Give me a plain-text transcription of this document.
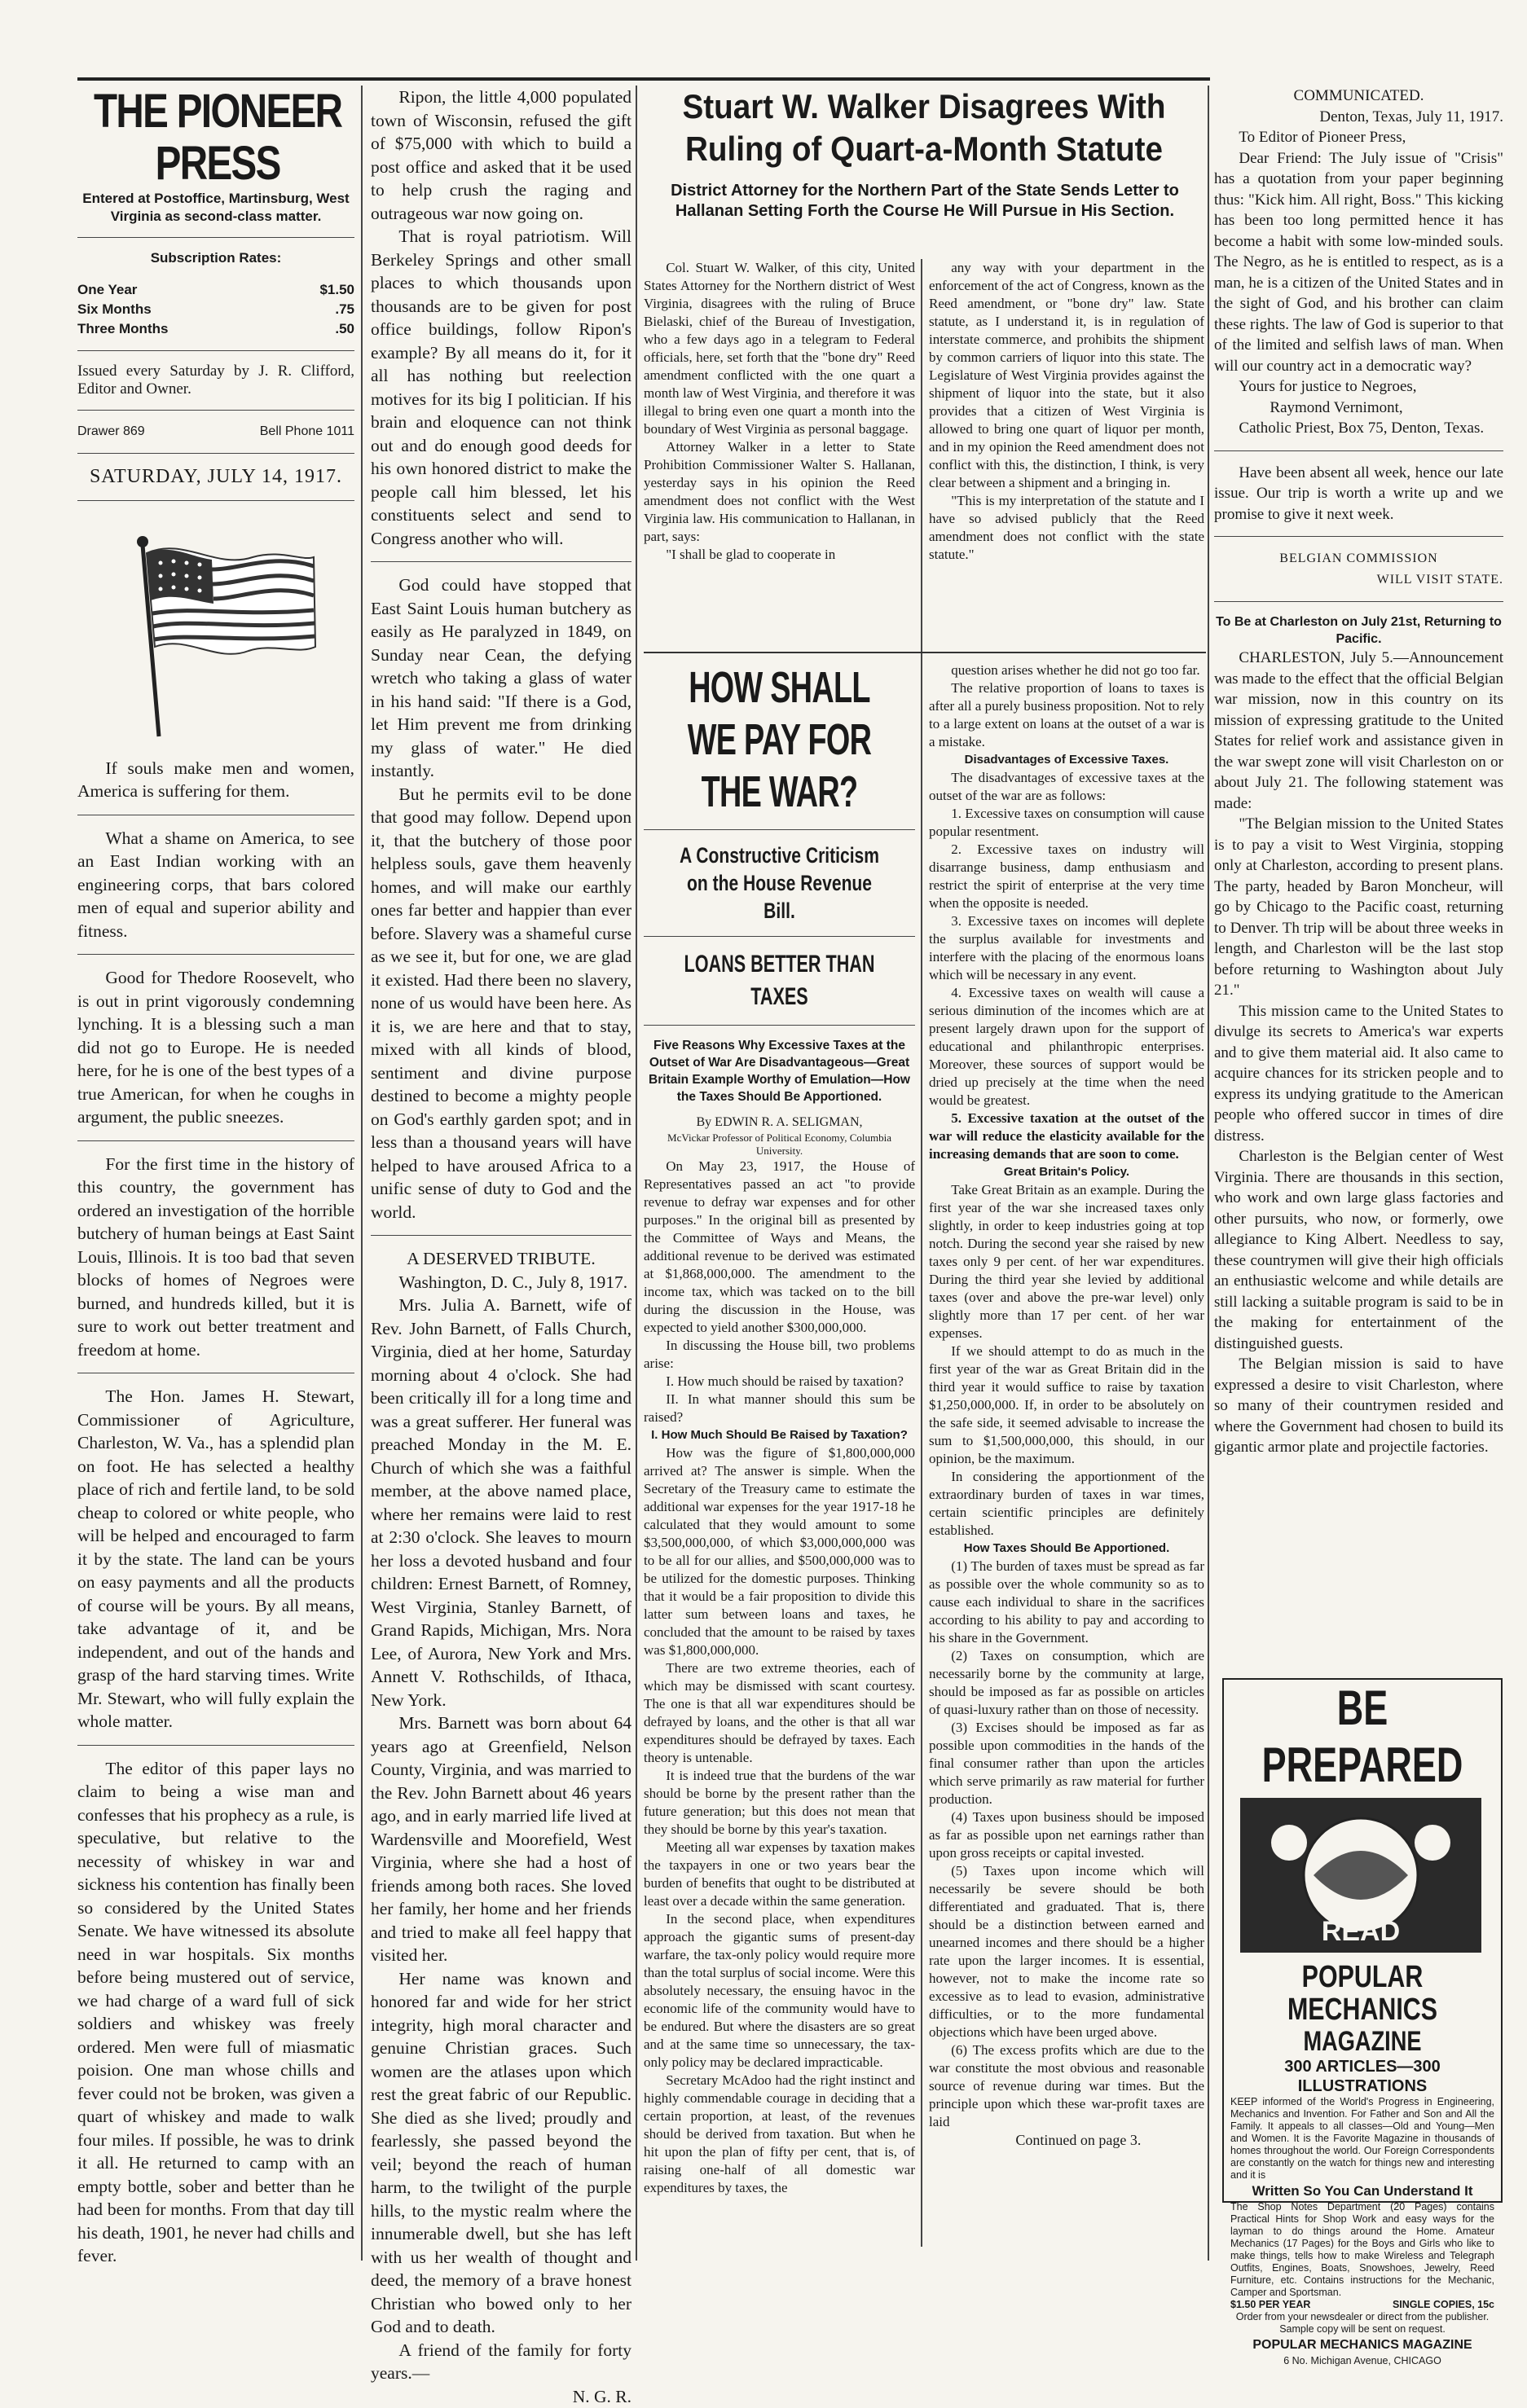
THE PIONEER PRESS
Entered at Postoffice, Martinsburg, West Virginia as second-class matter.
Subscription Rates:
One Year	$1.50
Six Months	.75
Three Months	.50
Issued every Saturday by J. R. Clifford, Editor and Owner.
Drawer 869	Bell Phone 1011

SATURDAY, JULY 14, 1917.

If souls make men and women, America is suffering for them.

What a shame on America, to see an East Indian working with an engineering corps, that bars colored men of equal and superior ability and fitness.

Good for Thedore Roosevelt, who is out in print vigorously condemning lynching. It is a blessing such a man did not go to Europe. He is needed here, for he is one of the best types of a true American, for when he coughs in argument, the public sneezes.

For the first time in the history of this country, the government has ordered an investigation of the horrible butchery of human beings at East Saint Louis, Illinois. It is too bad that seven blocks of homes of Negroes were burned, and hundreds killed, but it is sure to work out better treatment and freedom at home.

The Hon. James H. Stewart, Commissioner of Agriculture, Charleston, W. Va., has a splendid plan on foot. He has selected a healthy place of rich and fertile land, to be sold cheap to colored or white people, who will be helped and encouraged to farm it by the state. The land can be yours on easy payments and all the products of course will be yours. By all means, take advantage of it, and be independent, and out of the hands and grasp of the hard starving times. Write Mr. Stewart, who will fully explain the whole matter.

The editor of this paper lays no claim to being a wise man and confesses that his prophecy as a rule, is speculative, but relative to the necessity of whiskey in war and sickness his contention has finally been so considered by the United States Senate. We have witnessed its absolute need in war hospitals. Six months before being mustered out of service, we had charge of a ward full of sick soldiers and whiskey was freely ordered. Men were full of miasmatic poision. One man whose chills and fever could not be broken, was given a quart of whiskey and made to walk four miles. If possible, he was to drink it all. He returned to camp with an empty bottle, sober and better than he had been for months. From that day till his death, 1901, he never had chills and fever.

Ripon, the little 4,000 populated town of Wisconsin, refused the gift of $75,000 with which to build a post office and asked that it be used to help crush the raging and outrageous war now going on.

That is royal patriotism. Will Berkeley Springs and other small places to which thousands upon thousands are to be given for post office buildings, follow Ripon's example? By all means do it, for it all has nothing but reelection motives for its big I politician. If his brain and eloquence can not think out and do enough good deeds for his own honored district to make the people call him blessed, let his constituents select and send to Congress another who will.

God could have stopped that East Saint Louis human butchery as easily as He paralyzed in 1849, on Sunday near Cean, the defying wretch who taking a glass of water in his hand said: "If there is a God, let Him prevent me from drinking my glass of water." He died instantly.

But he permits evil to be done that good may follow. Depend upon it, that the butchery of those poor helpless souls, gave them heavenly homes, and will make our earthly ones far better and happier than ever before. Slavery was a shameful curse as we see it, but for one, we are glad it existed. Had there been no slavery, none of us would have been here. As it is, we are here and that to stay, mixed with all kinds of blood, sentiment and divine purpose destined to become a mighty people on God's earthly garden spot; and in less than a thousand years will have helped to have aroused Africa to a unific sense of duty to God and the world.

A DESERVED TRIBUTE.

Washington, D. C., July 8, 1917.

Mrs. Julia A. Barnett, wife of Rev. John Barnett, of Falls Church, Virginia, died at her home, Saturday morning about 4 o'clock. She had been critically ill for a long time and was a great sufferer. Her funeral was preached Monday in the M. E. Church of which she was a faithful member, at the above named place, where her remains were laid to rest at 2:30 o'clock. She leaves to mourn her loss a devoted husband and four children: Ernest Barnett, of Romney, West Virginia, Stanley Barnett, of Grand Rapids, Michigan, Mrs. Nora Lee, of Aurora, New York and Mrs. Annett V. Rothschilds, of Ithaca, New York.

Mrs. Barnett was born about 64 years ago at Greenfield, Nelson County, Virginia, and was married to the Rev. John Barnett about 46 years ago, and in early married life lived at Wardensville and Moorefield, West Virginia, where she had a host of friends among both races. She loved her family, her home and her friends and tried to make all feel happy that visited her.

Her name was known and honored far and wide for her strict integrity, high moral character and genuine Christian graces. Such women are the atlases upon which rest the great fabric of our Republic. She died as she lived; proudly and fearlessly, she passed beyond the veil; beyond the reach of human harm, to the twilight of the purple hills, to the mystic realm where the innumerable dwell, but she has left with us her wealth of thought and deed, the memory of a brave honest Christian who bowed only to her God and to death.

A friend of the family for forty years.—

N. G. R.

Stuart W. Walker Disagrees With Ruling of Quart-a-Month Statute
District Attorney for the Northern Part of the State Sends Letter to Hallanan Setting Forth the Course He Will Pursue in His Section.

Col. Stuart W. Walker, of this city, United States Attorney for the Northern district of West Virginia, disagrees with the ruling of Bruce Bielaski, chief of the Bureau of Investigation, who a few days ago in a telegram to Federal officials, here, set forth that the "bone dry" Reed amendment conflicted with the one quart a month law of West Virginia, and therefore it was illegal to bring even one quart a month into the boundary of West Virginia as personal baggage.

Attorney Walker in a letter to State Prohibition Commissioner Walter S. Hallanan, yesterday says in his opinion the Reed amendment does not conflict with the West Virginia law. His communication to Hallanan, in part, says:

"I shall be glad to cooperate in

any way with your department in the enforcement of the act of Congress, known as the Reed amendment, or "bone dry" law. State statute, as I understand it, is in regulation of interstate commerce, and prohibits the shipment by common carriers of liquor into this state. The Legislature of West Virginia provides against the shipment of liquor into the state, but it also provides that a citizen of West Virginia is allowed to bring one quart of liquor per month, and in my opinion the Reed amendment does not conflict with this, the distinction, I think, is very clear between a shipment and a bringing in.

"This is my interpretation of the statute and I have so advised publicly that the Reed amendment does not conflict with the state statute."

HOW SHALL WE PAY FOR THE WAR?
A Constructive Criticism on the House Revenue Bill.
LOANS BETTER THAN TAXES
Five Reasons Why Excessive Taxes at the Outset of War Are Disadvantageous—Great Britain Example Worthy of Emulation—How the Taxes Should Be Apportioned.
By EDWIN R. A. SELIGMAN,
McVickar Professor of Political Economy, Columbia University.

On May 23, 1917, the House of Representatives passed an act "to provide revenue to defray war expenses and for other purposes." In the original bill as presented by the Committee of Ways and Means, the additional revenue to be derived was estimated at $1,868,000,000. The amendment to the income tax, which was tacked on to the bill during the discussion in the House, was expected to yield another $300,000,000.

In discussing the House bill, two problems arise:

I. How much should be raised by taxation?

II. In what manner should this sum be raised?

I. How Much Should Be Raised by Taxation?

How was the figure of $1,800,000,000 arrived at? The answer is simple. When the Secretary of the Treasury came to estimate the additional war expenses for the year 1917-18 he calculated that they would amount to some $3,500,000,000, of which $3,000,000,000 was to be all for our allies, and $500,000,000 was to be utilized for the domestic purposes. Thinking that it would be a fair proposition to divide this latter sum between loans and taxes, he concluded that the amount to be raised by taxes was $1,800,000,000.

There are two extreme theories, each of which may be dismissed with scant courtesy. The one is that all war expenditures should be defrayed by loans, and the other is that all war expenditures should be defrayed by taxes. Each theory is untenable.

It is indeed true that the burdens of the war should be borne by the present rather than the future generation; but this does not mean that they should be borne by this year's taxation.

Meeting all war expenses by taxation makes the taxpayers in one or two years bear the burden of benefits that ought to be distributed at least over a decade within the same generation.

In the second place, when expenditures approach the gigantic sums of present-day warfare, the tax-only policy would require more than the total surplus of social income. Were this absolutely necessary, the ensuing havoc in the economic life of the community would have to be endured. But where the disasters are so great and at the same time so unnecessary, the tax-only policy may be declared impracticable.

Secretary McAdoo had the right instinct and highly commendable courage in deciding that a certain proportion, at least, of the revenues should be derived from taxation. But when he hit upon the plan of fifty per cent, that is, of raising one-half of all domestic war expenditures by taxes, the

question arises whether he did not go too far.

The relative proportion of loans to taxes is after all a purely business proposition. Not to rely to a large extent on loans at the outset of a war is a mistake.

Disadvantages of Excessive Taxes.

The disadvantages of excessive taxes at the outset of the war are as follows:

1. Excessive taxes on consumption will cause popular resentment.

2. Excessive taxes on industry will disarrange business, damp enthusiasm and restrict the spirit of enterprise at the very time when the opposite is needed.

3. Excessive taxes on incomes will deplete the surplus available for investments and interfere with the placing of the enormous loans which will be necessary in any event.

4. Excessive taxes on wealth will cause a serious diminution of the incomes which are at present largely drawn upon for the support of educational and philanthropic enterprises. Moreover, these sources of support would be dried up precisely at the time when the need would be greatest.

5. Excessive taxation at the outset of the war will reduce the elasticity available for the increasing demands that are soon to come.

Great Britain's Policy.

Take Great Britain as an example. During the first year of the war she increased taxes only slightly, in order to keep industries going at top notch. During the second year she raised by new taxes only 9 per cent. of her war expenditures. During the third year she levied by additional taxes (over and above the pre-war level) only slightly more than 17 per cent. of her war expenses.

If we should attempt to do as much in the first year of the war as Great Britain did in the third year it would suffice to raise by taxation $1,250,000,000. If, in order to be absolutely on the safe side, it seemed advisable to increase the sum to $1,500,000,000, this should, in our opinion, be the maximum.

In considering the apportionment of the extraordinary burden of taxes in war times, certain scientific principles are definitely established.

How Taxes Should Be Apportioned.

(1) The burden of taxes must be spread as far as possible over the whole community so as to cause each individual to share in the sacrifices according to his ability to pay and according to his share in the Government.

(2) Taxes on consumption, which are necessarily borne by the community at large, should be imposed as far as possible on articles of quasi-luxury rather than on those of necessity.

(3) Excises should be imposed as far as possible upon commodities in the hands of the final consumer rather than upon the articles which serve primarily as raw material for further production.

(4) Taxes upon business should be imposed as far as possible upon net earnings rather than upon gross receipts or capital invested.

(5) Taxes upon income which will necessarily be severe should be both differentiated and graduated. That is, there should be a distinction between earned and unearned incomes and there should be a higher rate upon the larger incomes. It is essential, however, not to make the income rate so excessive as to lead to evasion, administrative difficulties, or to the more fundamental objections which have been urged above.

(6) The excess profits which are due to the war constitute the most obvious and reasonable source of revenue during war times. But the principle upon which these war-profit taxes are laid

Continued on page 3.

COMMUNICATED.

Denton, Texas, July 11, 1917.

To Editor of Pioneer Press,

Dear Friend: The July issue of "Crisis" has a quotation from your paper beginning thus: "Kick him. All right, Boss." This kicking has been too long permitted hence it has become a habit with some low-minded souls. The Negro, as he is entitled to respect, as is a man, he is a citizen of the United States and in the sight of God, and his brother can claim these rights. The law of God is superior to that of the limited and selfish laws of man. When will our country act in a democratic way?

Yours for justice to Negroes,

Raymond Vernimont,

Catholic Priest, Box 75, Denton, Texas.

Have been absent all week, hence our late issue. Our trip is worth a write up and we promise to give it next week.

BELGIAN COMMISSION

WILL VISIT STATE.

To Be at Charleston on July 21st, Returning to Pacific.

CHARLESTON, July 5.—Announcement was made to the effect that the official Belgian war mission, now in this country on its mission of expressing gratitude to the United States for relief work and assistance given in the war swept zone will visit Charleston on or about July 21. The following statement was made:

"The Belgian mission to the United States is to pay a visit to West Virginia, stopping only at Charleston, according to present plans. The party, headed by Baron Moncheur, will go by Chicago to the Pacific coast, returning to Denver. Th trip will be about three weeks in length, and Charleston will be the last stop before returning to Washington about July 21."

This mission came to the United States to divulge its secrets to America's war experts and to give them material aid. It also came to acquire chances for its stricken people and to express its undying gratitude to the American people who offered succor in times of dire distress.

Charleston is the Belgian center of West Virginia. There are thousands in this section, who work and own large glass factories and other pursuits, who now, or formerly, owe allegiance to King Albert. Needless to say, these countrymen will give their high officials an enthusiastic welcome and while details are still lacking a suitable program is said to be in the making for entertainment of the distinguished guests.

The Belgian mission is said to have expressed a desire to visit Charleston, where so many of their countrymen resided and where the Government had chosen to build its gigantic armor plate and projectile factories.

BE PREPARED
READ
POPULAR MECHANICS
MAGAZINE
300 ARTICLES—300 ILLUSTRATIONS
KEEP informed of the World's Progress in Engineering, Mechanics and Invention. For Father and Son and All the Family. It appeals to all classes—Old and Young—Men and Women. It is the Favorite Magazine in thousands of homes throughout the world. Our Foreign Correspondents are constantly on the watch for things new and interesting and it is
Written So You Can Understand It
The Shop Notes Department (20 Pages) contains Practical Hints for Shop Work and easy ways for the layman to do things around the Home. Amateur Mechanics (17 Pages) for the Boys and Girls who like to make things, tells how to make Wireless and Telegraph Outfits, Engines, Boats, Snowshoes, Jewelry, Reed Furniture, etc. Contains instructions for the Mechanic, Camper and Sportsman.
$1.50 PER YEAR	SINGLE COPIES, 15c
Order from your newsdealer or direct from the publisher. Sample copy will be sent on request.
POPULAR MECHANICS MAGAZINE
6 No. Michigan Avenue, CHICAGO
